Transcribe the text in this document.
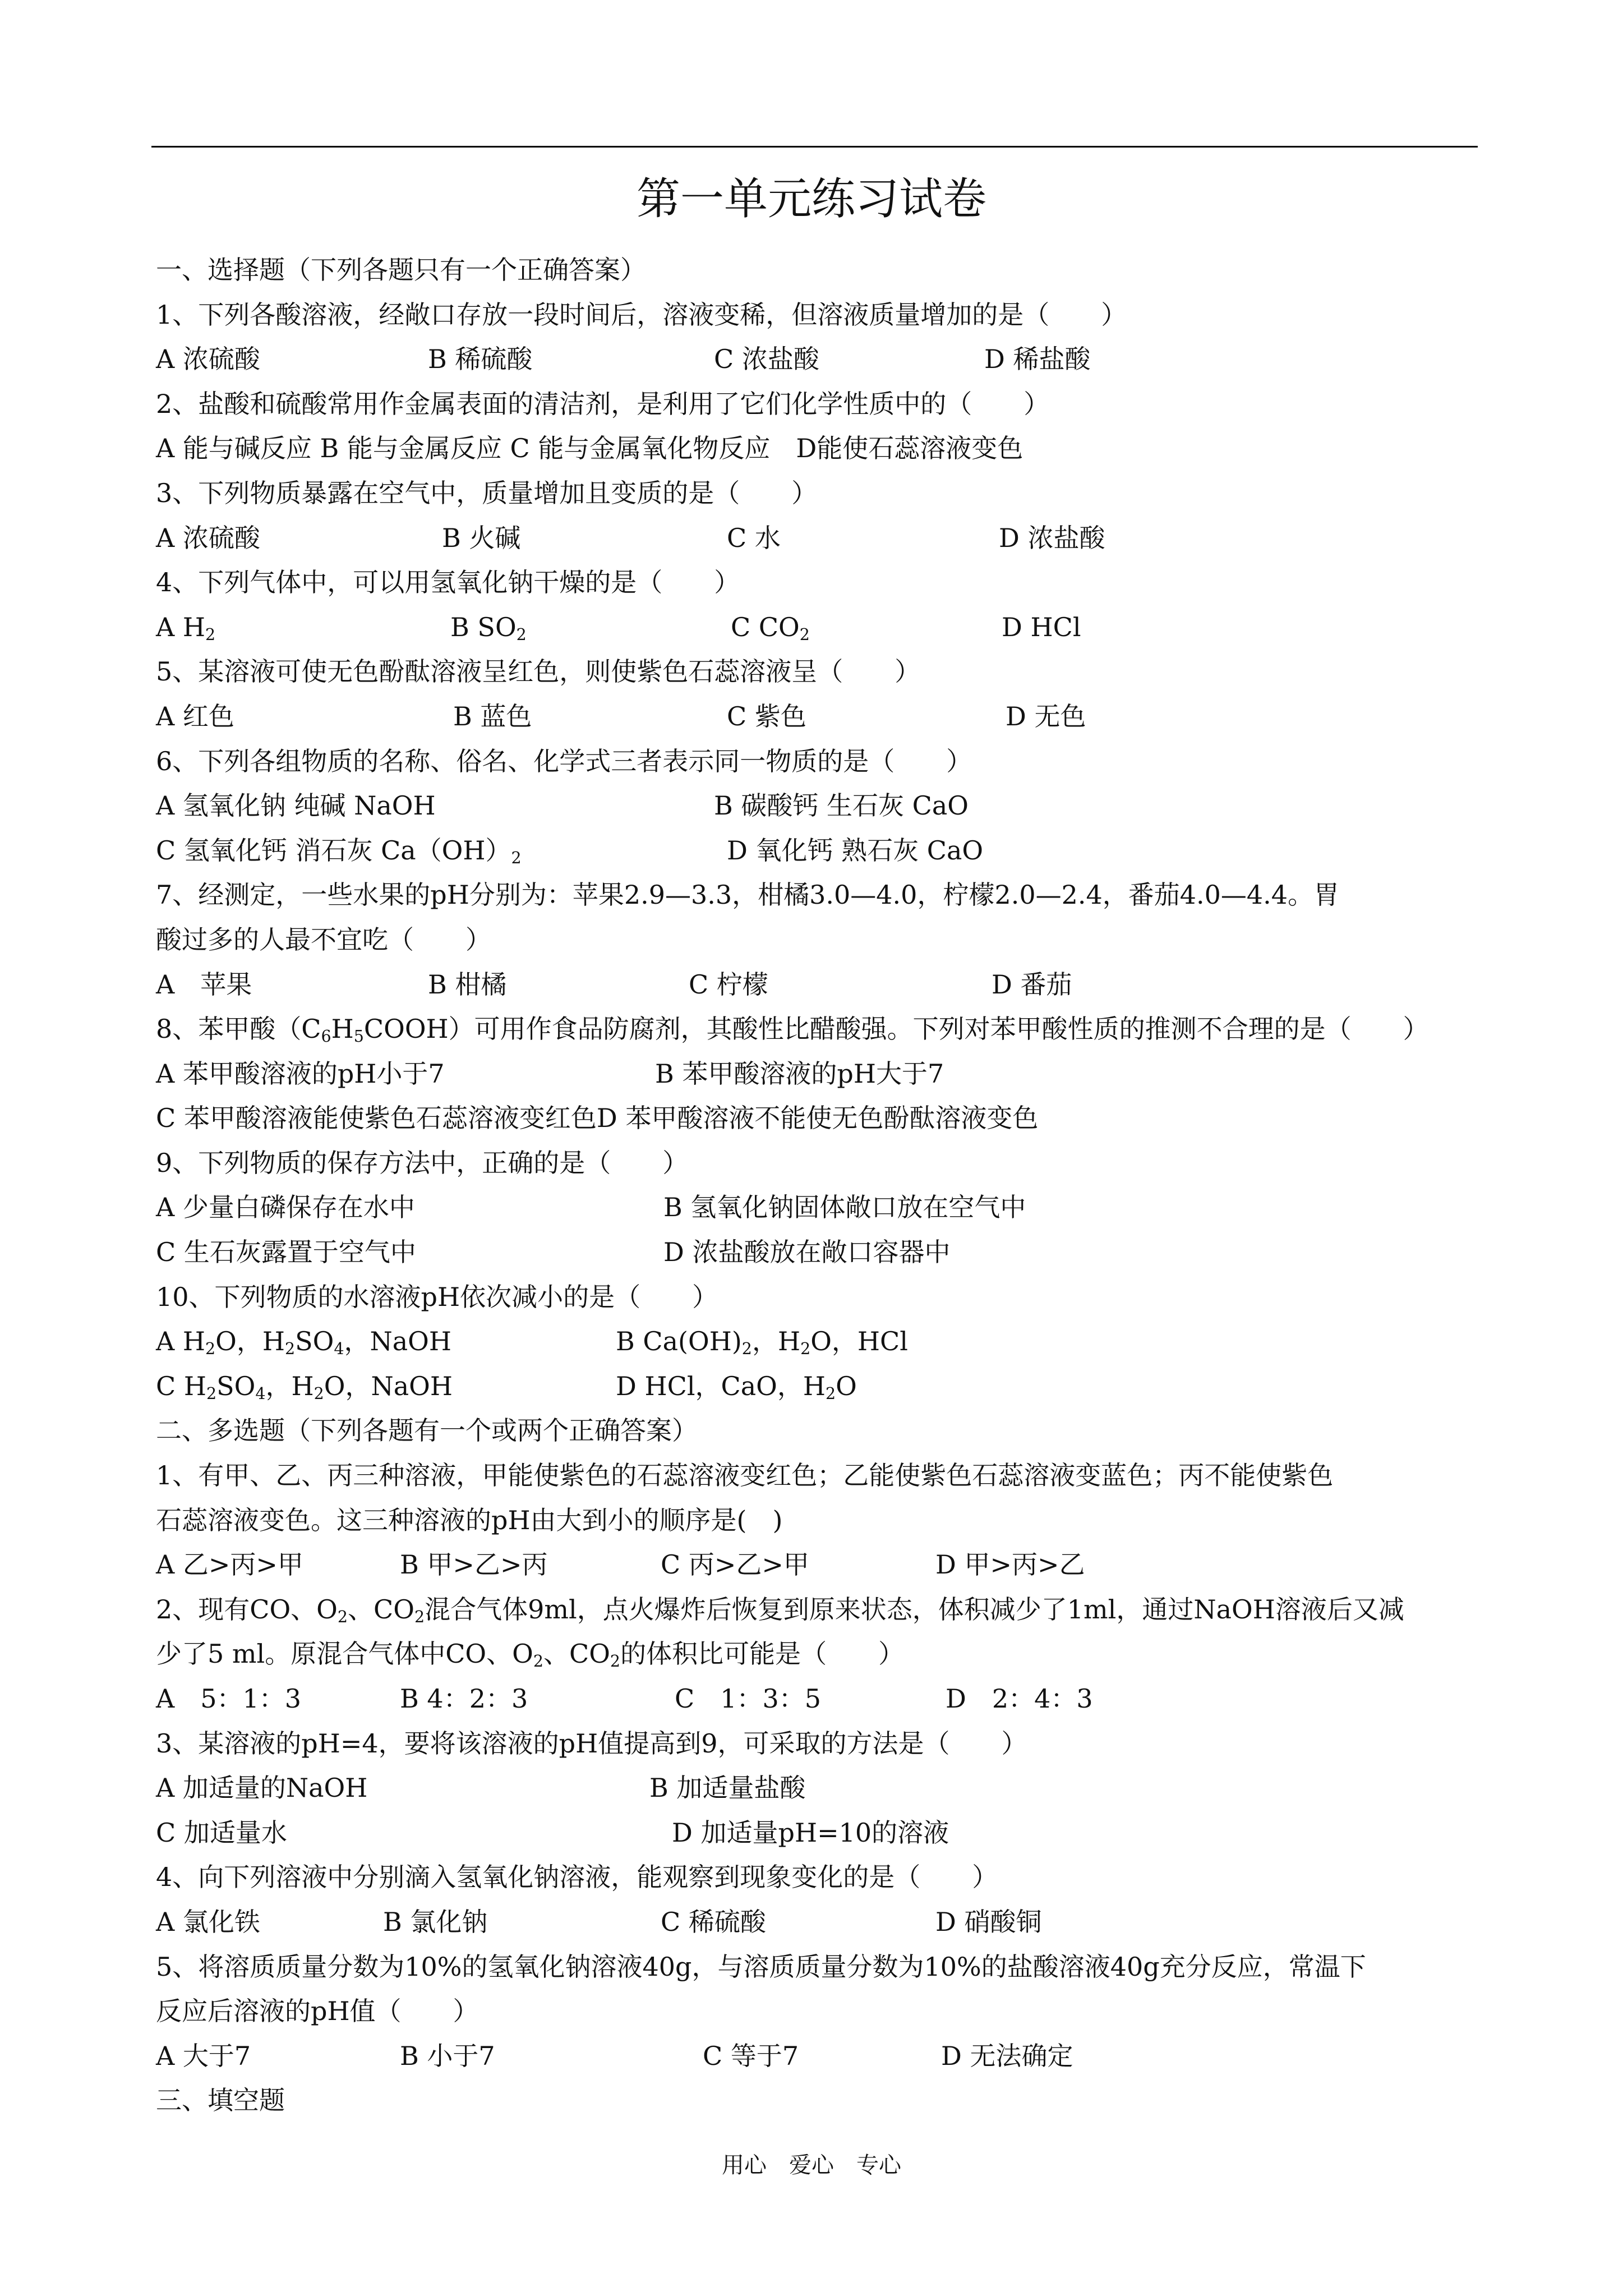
第一单元练习试卷
一、选择题（下列各题只有一个正确答案）
1、下列各酸溶液，经敞口存放一段时间后，溶液变稀，但溶液质量增加的是（　　）
A 浓硫酸	B 稀硫酸	C 浓盐酸	D 稀盐酸
2、盐酸和硫酸常用作金属表面的清洁剂，是利用了它们化学性质中的（　　）
A 能与碱反应 B 能与金属反应 C 能与金属氧化物反应　D能使石蕊溶液变色
3、下列物质暴露在空气中，质量增加且变质的是（　　）
A 浓硫酸	B 火碱	C 水	D 浓盐酸
4、下列气体中，可以用氢氧化钠干燥的是（　　）
A $H_2$	B $SO_2$	C $CO_2$	D HCl
5、某溶液可使无色酚酞溶液呈红色，则使紫色石蕊溶液呈（　　）
A 红色	B 蓝色	C 紫色	D 无色
6、下列各组物质的名称、俗名、化学式三者表示同一物质的是（　　）
A 氢氧化钠 纯碱 NaOH	B 碳酸钙 生石灰 CaO
C 氢氧化钙 消石灰 $Ca(OH)_2$	D 氧化钙 熟石灰 CaO
7、经测定，一些水果的pH分别为：苹果2.9—3.3，柑橘3.0—4.0，柠檬2.0—2.4，番茄4.0—4.4。胃
酸过多的人最不宜吃（　　）
A　苹果	B 柑橘	C 柠檬	D 番茄
8、苯甲酸$(C_6H_5COOH)$可用作食品防腐剂，其酸性比醋酸强。下列对苯甲酸性质的推测不合理的是（　　）
A 苯甲酸溶液的pH小于7	B 苯甲酸溶液的pH大于7
C 苯甲酸溶液能使紫色石蕊溶液变红色D 苯甲酸溶液不能使无色酚酞溶液变色
9、下列物质的保存方法中，正确的是（　　）
A 少量白磷保存在水中	B 氢氧化钠固体敞口放在空气中
C 生石灰露置于空气中	D 浓盐酸放在敞口容器中
10、下列物质的水溶液pH依次减小的是（　　）
A $H_2O$，$H_2SO_4$，NaOH	B $Ca(OH)_2$，$H_2O$，HCl
C $H_2SO_4$，$H_2O$，NaOH	D HCl，CaO，$H_2O$
二、多选题（下列各题有一个或两个正确答案）
1、有甲、乙、丙三种溶液，甲能使紫色的石蕊溶液变红色；乙能使紫色石蕊溶液变蓝色；丙不能使紫色
石蕊溶液变色。这三种溶液的pH由大到小的顺序是(　)
A 乙>丙>甲	B 甲>乙>丙	C 丙>乙>甲	D 甲>丙>乙
2、现有CO、$O_2$、$CO_2$混合气体9ml，点火爆炸后恢复到原来状态，体积减少了1ml，通过NaOH溶液后又减
少了5 ml。原混合气体中CO、$O_2$、$CO_2$的体积比可能是（　　）
A　5：1：3	B 4：2：3	C　1：3：5	D　2：4：3
3、某溶液的pH=4，要将该溶液的pH值提高到9，可采取的方法是（　　）
A 加适量的NaOH	B 加适量盐酸
C 加适量水	D 加适量pH=10的溶液
4、向下列溶液中分别滴入氢氧化钠溶液，能观察到现象变化的是（　　）
A 氯化铁	B 氯化钠	C 稀硫酸	D 硝酸铜
5、将溶质质量分数为10%的氢氧化钠溶液40g，与溶质质量分数为10%的盐酸溶液40g充分反应，常温下
反应后溶液的pH值（　　）
A 大于7	B 小于7	C 等于7	D 无法确定
三、填空题
用心　爱心　专心
